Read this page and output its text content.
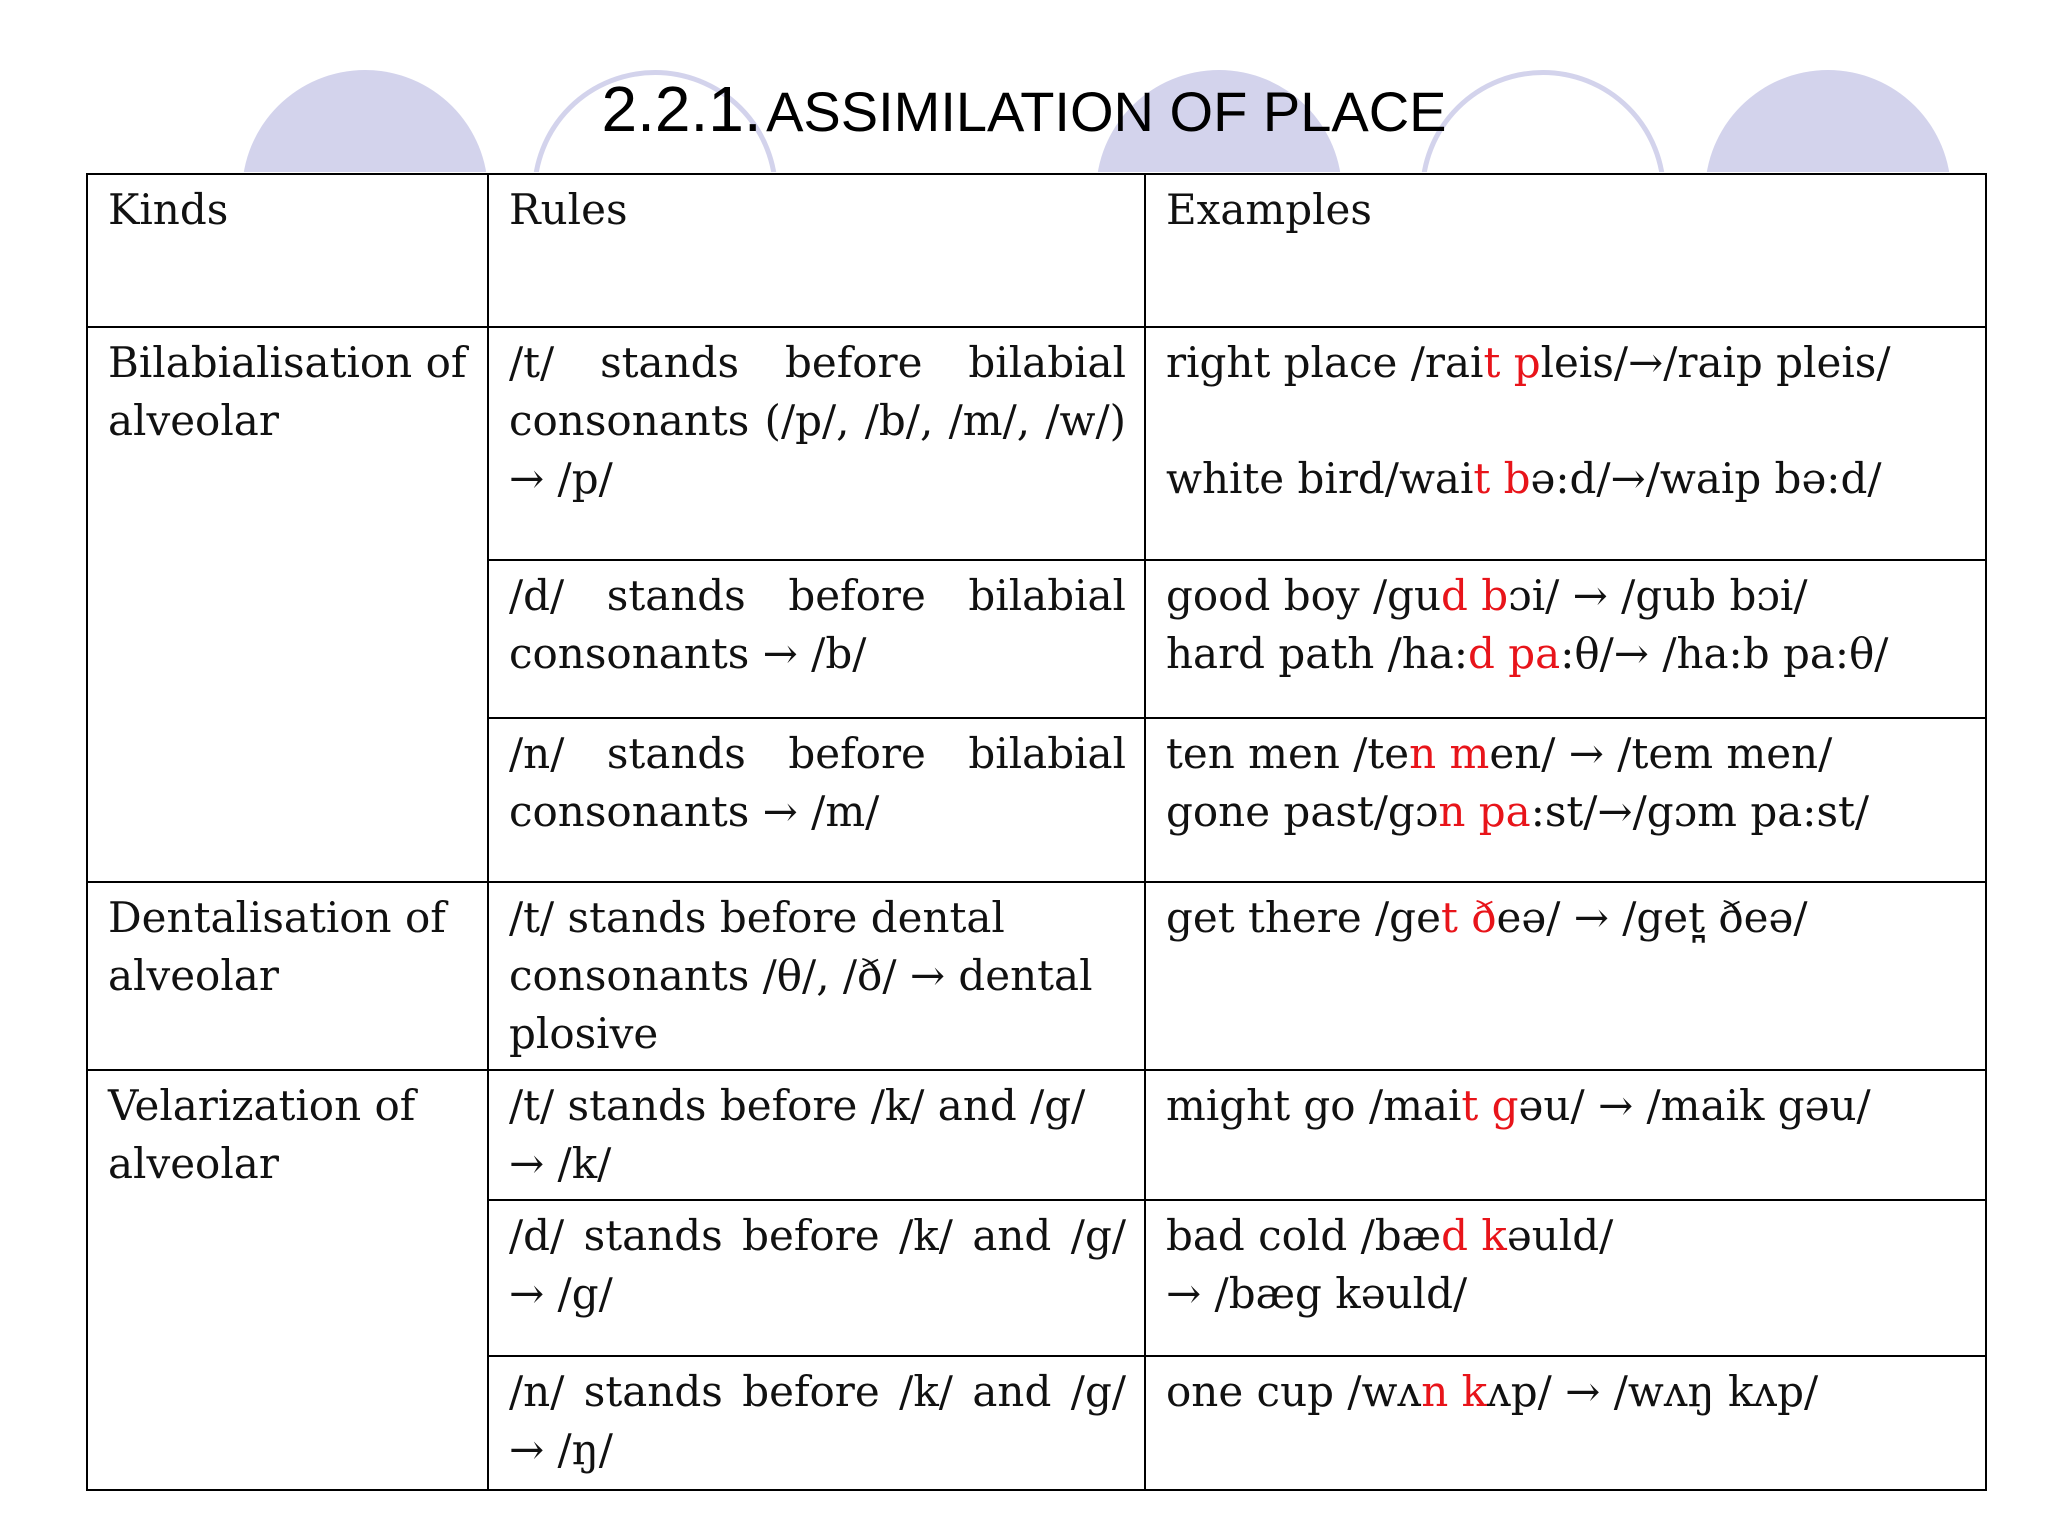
2.2.1. ASSIMILATION OF PLACE
Kinds	Rules	Examples
Bilabialisation of alveolar	/t/ stands before bilabial consonants (/p/, /b/, /m/, /w/) → /p/	right place /rait pleis/→/raip pleis/
white bird/wait bə:d/→/waip bə:d/

	/d/ stands before bilabial consonants → /b/	good boy /gud bɔi/ → /gub bɔi/
hard path /ha:d pa:θ/→ /ha:b pa:θ/

	/n/ stands before bilabial consonants → /m/	ten men /ten men/ → /tem men/
gone past/gɔn pa:st/→/gɔm pa:st/

Dentalisation of alveolar	/t/ stands before dental consonants /θ/, /ð/ → dental plosive	get there /get ðeə/ → /get̪ ðeə/

Velarization of alveolar	/t/ stands before /k/ and /g/ → /k/	might go /mait gəu/ → /maik gəu/

	/d/ stands before /k/ and /g/ → /g/	bad cold /bæd kəuld/
→ /bæg kəuld/

	/n/ stands before /k/ and /g/ → /ŋ/	one cup /wʌn kʌp/ → /wʌŋ kʌp/
